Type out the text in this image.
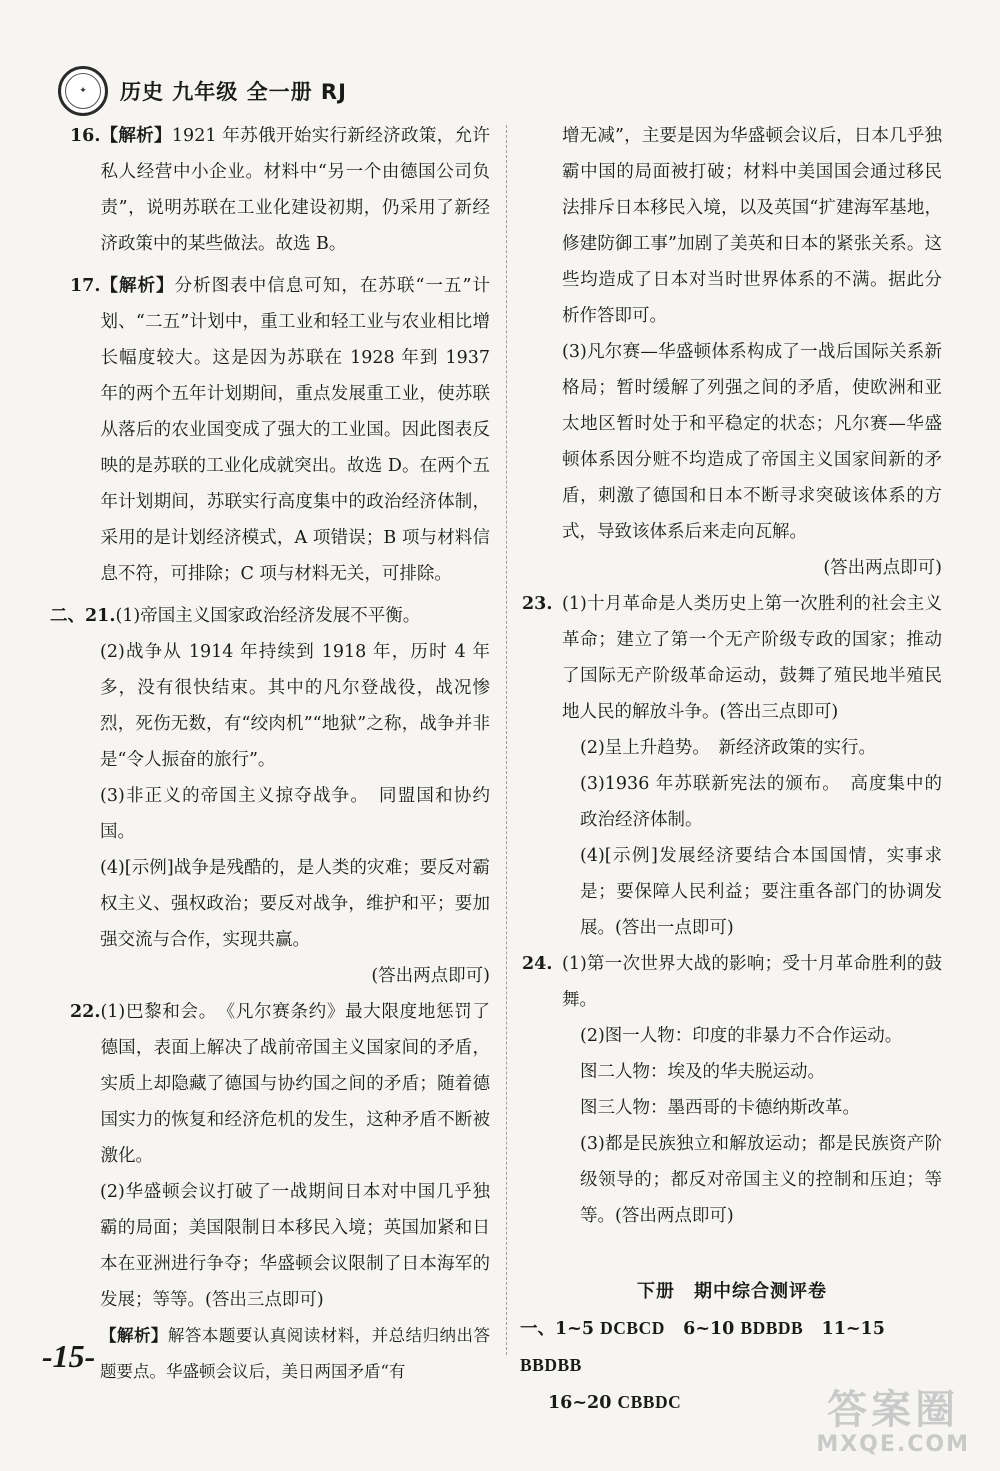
✦	历史 九年级 全一册 RJ
16. 【解析】1921 年苏俄开始实行新经济政策，允许私人经营中小企业。材料中“另一个由德国公司负责”，说明苏联在工业化建设初期，仍采用了新经济政策中的某些做法。故选 B。
17. 【解析】分析图表中信息可知，在苏联“一五”计划、“二五”计划中，重工业和轻工业与农业相比增长幅度较大。这是因为苏联在 1928 年到 1937 年的两个五年计划期间，重点发展重工业，使苏联从落后的农业国变成了强大的工业国。因此图表反映的是苏联的工业化成就突出。故选 D。在两个五年计划期间，苏联实行高度集中的政治经济体制，采用的是计划经济模式，A 项错误；B 项与材料信息不符，可排除；C 项与材料无关，可排除。
二、21. (1)帝国主义国家政治经济发展不平衡。
(2)战争从 1914 年持续到 1918 年，历时 4 年多，没有很快结束。其中的凡尔登战役，战况惨烈，死伤无数，有“绞肉机”“地狱”之称，战争并非是“令人振奋的旅行”。
(3)非正义的帝国主义掠夺战争。　同盟国和协约国。
(4)[示例]战争是残酷的，是人类的灾难；要反对霸权主义、强权政治；要反对战争，维护和平；要加强交流与合作，实现共赢。
(答出两点即可)
22. (1)巴黎和会。　《凡尔赛条约》最大限度地惩罚了德国，表面上解决了战前帝国主义国家间的矛盾，实质上却隐藏了德国与协约国之间的矛盾；随着德国实力的恢复和经济危机的发生，这种矛盾不断被激化。
(2)华盛顿会议打破了一战期间日本对中国几乎独霸的局面；美国限制日本移民入境；英国加紧和日本在亚洲进行争夺；华盛顿会议限制了日本海军的发展；等等。(答出三点即可)
【解析】解答本题要认真阅读材料，并总结归纳出答题要点。华盛顿会议后，美日两国矛盾“有
增无减”，主要是因为华盛顿会议后，日本几乎独霸中国的局面被打破；材料中美国国会通过移民法排斥日本移民入境，以及英国“扩建海军基地，修建防御工事”加剧了美英和日本的紧张关系。这些均造成了日本对当时世界体系的不满。据此分析作答即可。
(3)凡尔赛—华盛顿体系构成了一战后国际关系新格局；暂时缓解了列强之间的矛盾，使欧洲和亚太地区暂时处于和平稳定的状态；凡尔赛—华盛顿体系因分赃不均造成了帝国主义国家间新的矛盾，刺激了德国和日本不断寻求突破该体系的方式，导致该体系后来走向瓦解。
(答出两点即可)
23. (1)十月革命是人类历史上第一次胜利的社会主义革命；建立了第一个无产阶级专政的国家；推动了国际无产阶级革命运动，鼓舞了殖民地半殖民地人民的解放斗争。(答出三点即可)
(2)呈上升趋势。　新经济政策的实行。
(3)1936 年苏联新宪法的颁布。　高度集中的政治经济体制。
(4)[示例]发展经济要结合本国国情，实事求是；要保障人民利益；要注重各部门的协调发展。(答出一点即可)
24. (1)第一次世界大战的影响；受十月革命胜利的鼓舞。
(2)图一人物：印度的非暴力不合作运动。
图二人物：埃及的华夫脱运动。
图三人物：墨西哥的卡德纳斯改革。
(3)都是民族独立和解放运动；都是民族资产阶级领导的；都反对帝国主义的控制和压迫；等等。(答出两点即可)
下册　期中综合测评卷
一、1~5 DCBCD 6~10 BDBDB 11~15 BBDBB
16~20 CBBDC
-15-
答案圈
MXQE.COM
